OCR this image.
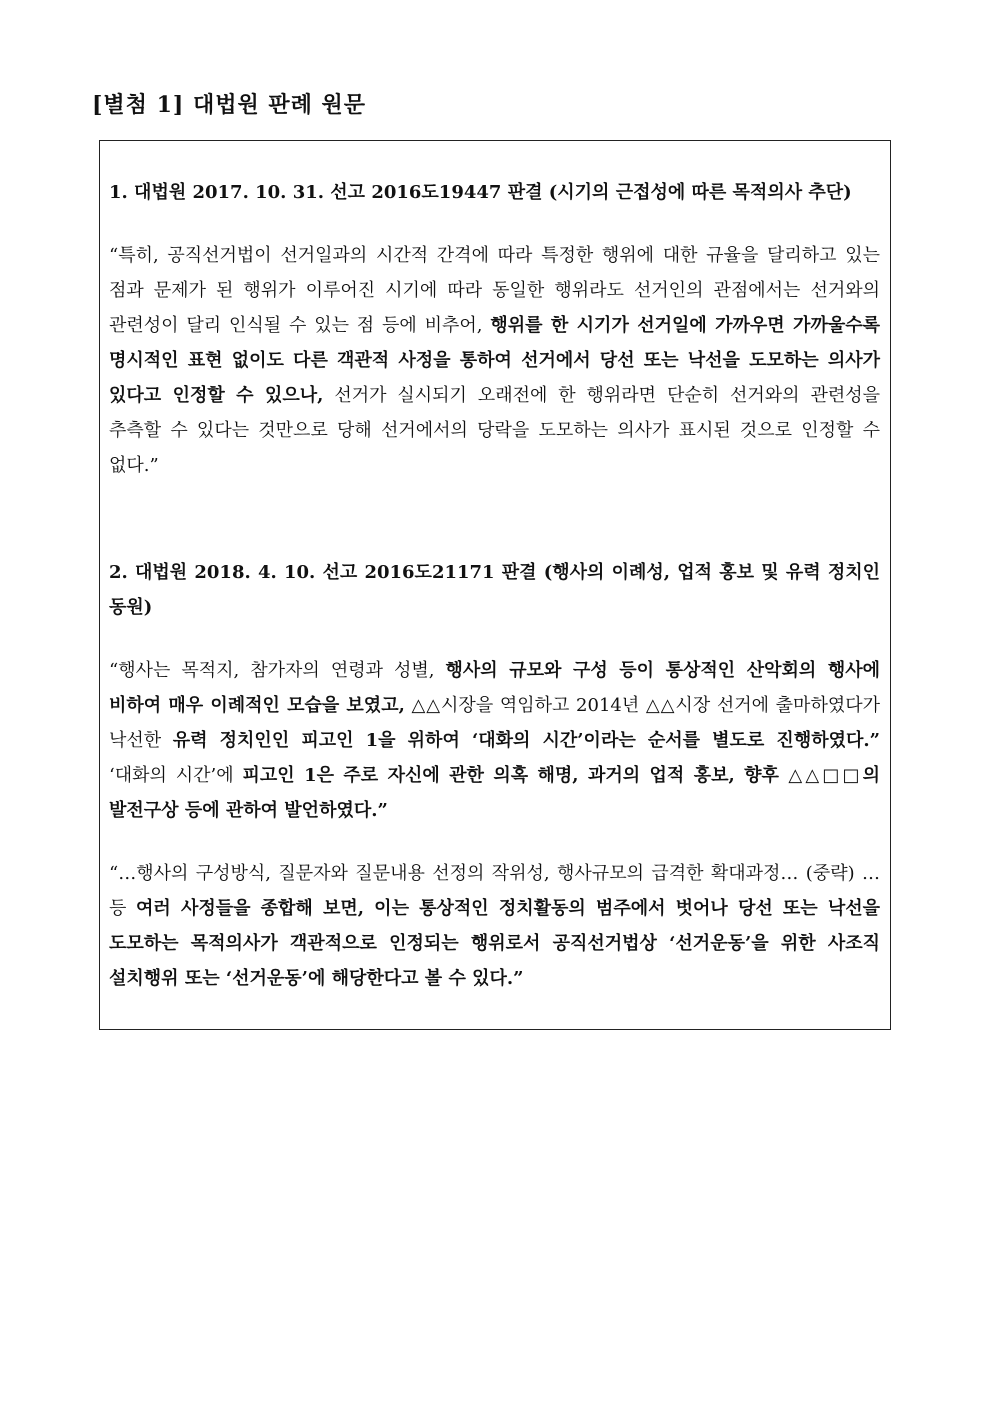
[별첨 1] 대법원 판례 원문

1. 대법원 2017. 10. 31. 선고 2016도19447 판결 (시기의 근접성에 따른 목적의사 추단)

“특히, 공직선거법이 선거일과의 시간적 간격에 따라 특정한 행위에 대한 규율을 달리하고 있는 점과 문제가 된 행위가 이루어진 시기에 따라 동일한 행위라도 선거인의 관점에서는 선거와의 관련성이 달리 인식될 수 있는 점 등에 비추어, 행위를 한 시기가 선거일에 가까우면 가까울수록 명시적인 표현 없이도 다른 객관적 사정을 통하여 선거에서 당선 또는 낙선을 도모하는 의사가 있다고 인정할 수 있으나, 선거가 실시되기 오래전에 한 행위라면 단순히 선거와의 관련성을 추측할 수 있다는 것만으로 당해 선거에서의 당락을 도모하는 의사가 표시된 것으로 인정할 수 없다.”

2. 대법원 2018. 4. 10. 선고 2016도21171 판결 (행사의 이례성, 업적 홍보 및 유력 정치인 동원)

“행사는 목적지, 참가자의 연령과 성별, 행사의 규모와 구성 등이 통상적인 산악회의 행사에 비하여 매우 이례적인 모습을 보였고, △△시장을 역임하고 2014년 △△시장 선거에 출마하였다가 낙선한 유력 정치인인 피고인 1을 위하여 ‘대화의 시간’이라는 순서를 별도로 진행하였다.” ‘대화의 시간’에 피고인 1은 주로 자신에 관한 의혹 해명, 과거의 업적 홍보, 향후 △△□□의 발전구상 등에 관하여 발언하였다.”

“…행사의 구성방식, 질문자와 질문내용 선정의 작위성, 행사규모의 급격한 확대과정… (중략) …등 여러 사정들을 종합해 보면, 이는 통상적인 정치활동의 범주에서 벗어나 당선 또는 낙선을 도모하는 목적의사가 객관적으로 인정되는 행위로서 공직선거법상 ‘선거운동’을 위한 사조직 설치행위 또는 ‘선거운동’에 해당한다고 볼 수 있다.”
